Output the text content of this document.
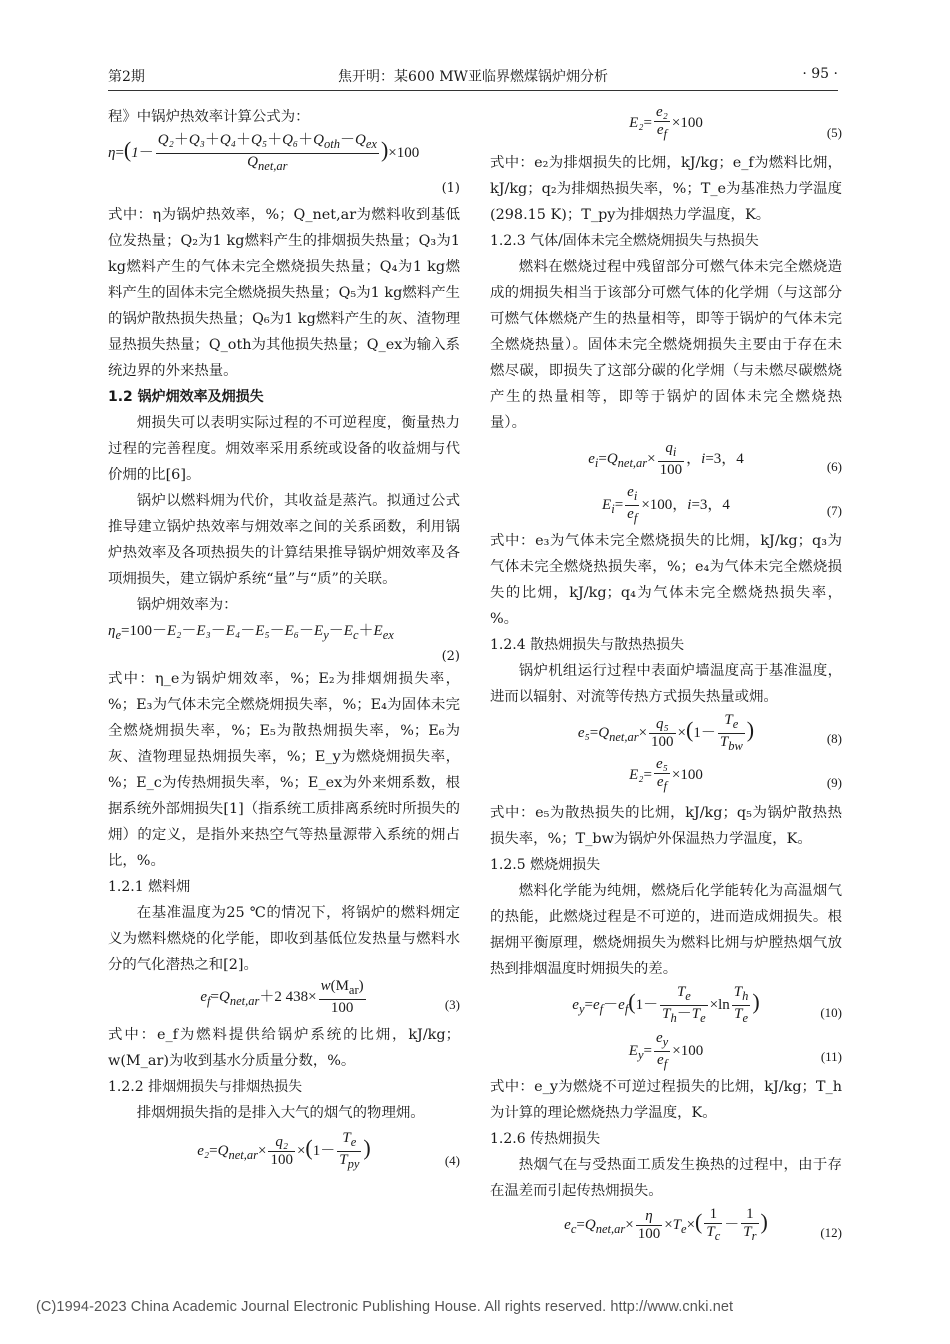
第2期	焦开明：某600 MW亚临界燃煤锅炉㶲分析	· 95 ·

程》中锅炉热效率计算公式为：

$\eta=(1- \frac{Q_2+Q_3+Q_4+Q_5+Q_6+Q_{oth}-Q_{ex}}{Q_{net,ar}} )\times 100$
(1)

式中：η为锅炉热效率，%；Q_net,ar为燃料收到基低位发热量；Q₂为1 kg燃料产生的排烟损失热量；Q₃为1 kg燃料产生的气体未完全燃烧损失热量；Q₄为1 kg燃料产生的固体未完全燃烧损失热量；Q₅为1 kg燃料产生的锅炉散热损失热量；Q₆为1 kg燃料产生的灰、渣物理显热损失热量；Q_oth为其他损失热量；Q_ex为输入系统边界的外来热量。

1.2 锅炉㶲效率及㶲损失

㶲损失可以表明实际过程的不可逆程度，衡量热力过程的完善程度。㶲效率采用系统或设备的收益㶲与代价㶲的比[6]。

锅炉以燃料㶲为代价，其收益是蒸汽。拟通过公式推导建立锅炉热效率与㶲效率之间的关系函数，利用锅炉热效率及各项热损失的计算结果推导锅炉㶲效率及各项㶲损失，建立锅炉系统“量”与“质”的关联。

锅炉㶲效率为：

$\eta_e=100-E_2-E_3-E_4-E_5-E_6-E_y-E_c+E_{ex}$
(2)

式中：η_e为锅炉㶲效率，%；E₂为排烟㶲损失率，%；E₃为气体未完全燃烧㶲损失率，%；E₄为固体未完全燃烧㶲损失率，%；E₅为散热㶲损失率，%；E₆为灰、渣物理显热㶲损失率，%；E_y为燃烧㶲损失率，%；E_c为传热㶲损失率，%；E_ex为外来㶲系数，根据系统外部㶲损失[1]（指系统工质排离系统时所损失的㶲）的定义，是指外来热空气等热量源带入系统的㶲占比，%。

1.2.1 燃料㶲

在基准温度为25 ℃的情况下，将锅炉的燃料㶲定义为燃料燃烧的化学能，即收到基低位发热量与燃料水分的气化潜热之和[2]。

$e_f=Q_{net,ar}+2$ $438\times \frac{w(M_{ar})}{100}$	(3)

式中：e_f为燃料提供给锅炉系统的比㶲，kJ/kg；w(M_ar)为收到基水分质量分数，%。

1.2.2 排烟㶲损失与排烟热损失

排烟㶲损失指的是排入大气的烟气的物理㶲。

$e_2=Q_{net,ar}\times \frac{\text{q₂}}{100} \times(1- \frac{T_e}{T_{py}}$ )
(4)
$E_2= \frac{\text{e₂}}{e_f} \times 100$
(5)

式中：e₂为排烟损失的比㶲，kJ/kg；e_f为燃料比㶲，kJ/kg；q₂为排烟热损失率，%；T_e为基准热力学温度(298.15 K)；T_py为排烟热力学温度，K。

1.2.3 气体/固体未完全燃烧㶲损失与热损失

燃料在燃烧过程中残留部分可燃气体未完全燃烧造成的㶲损失相当于该部分可燃气体的化学㶲（与这部分可燃气体燃烧产生的热量相等，即等于锅炉的气体未完全燃烧热量）。固体未完全燃烧㶲损失主要由于存在未燃尽碳，即损失了这部分碳的化学㶲（与未燃尽碳燃烧产生的热量相等，即等于锅炉的固体未完全燃烧热量）。

$e_i=Q_{net,ar}\times \frac{q_i}{100}$ ，i=3，4	(6)
$E_i= \frac{e_i}{e_f} \times 100$，i=3，4	(7)

式中：e₃为气体未完全燃烧损失的比㶲，kJ/kg；q₃为气体未完全燃烧热损失率，%；e₄为气体未完全燃烧损失的比㶲，kJ/kg；q₄为气体未完全燃烧热损失率，%。

1.2.4 散热㶲损失与散热热损失

锅炉机组运行过程中表面炉墙温度高于基准温度，进而以辐射、对流等传热方式损失热量或㶲。

$e_5=Q_{net,ar}\times \frac{\text{q₅}}{100} \times(1- \frac{T_e}{T_{bw}}$ )	(8)
$E_2= \frac{\text{e₅}}{e_f} \times 100$	(9)

式中：e₅为散热损失的比㶲，kJ/kg；q₅为锅炉散热热损失率，%；T_bw为锅炉外保温热力学温度，K。

1.2.5 燃烧㶲损失

燃料化学能为纯㶲，燃烧后化学能转化为高温烟气的热能，此燃烧过程是不可逆的，进而造成㶲损失。根据㶲平衡原理，燃烧㶲损失为燃料比㶲与炉膛热烟气放热到排烟温度时㶲损失的差。

$e_y=e_f-e_f(1- \frac{T_e}{T_h-T_e} \times\ln \frac{T_h}{T_e}$ )	(10)
$E_y= \frac{e_y}{e_f} \times 100$	(11)

式中：e_y为燃烧不可逆过程损失的比㶲，kJ/kg；T_h为计算的理论燃烧热力学温度，K。

1.2.6 传热㶲损失

热烟气在与受热面工质发生换热的过程中，由于存在温差而引起传热㶲损失。

$e_c=Q_{net,ar}\times \frac{\eta}{100} \times T_e\times( \frac{1}{T_c} - \frac{1}{T_r}$ )	(12)
(C)1994-2023 China Academic Journal Electronic Publishing House. All rights reserved. http://www.cnki.net
